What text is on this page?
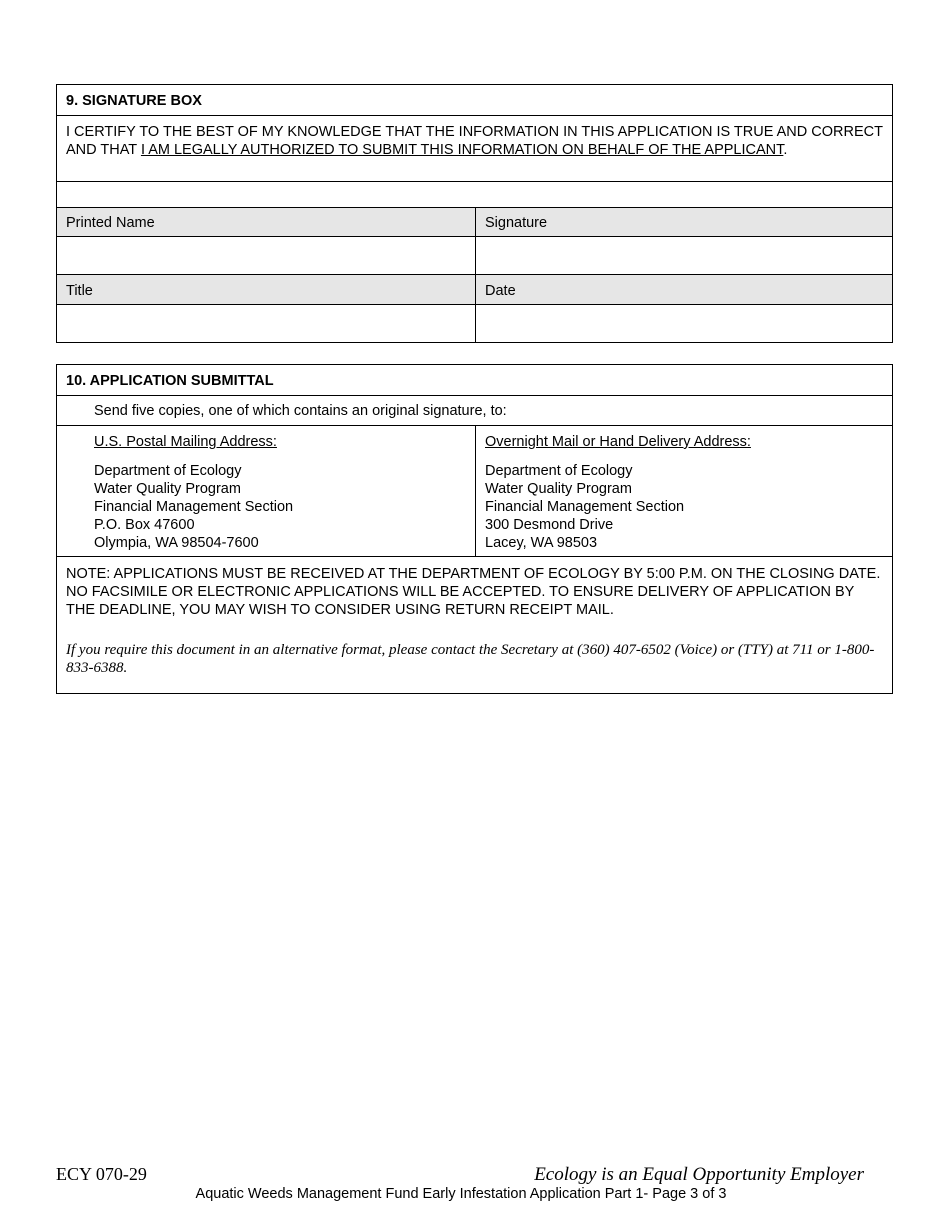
9. SIGNATURE BOX
I CERTIFY TO THE BEST OF MY KNOWLEDGE THAT THE INFORMATION IN THIS APPLICATION IS TRUE AND CORRECT AND THAT I AM LEGALLY AUTHORIZED TO SUBMIT THIS INFORMATION ON BEHALF OF THE APPLICANT.
Printed Name	Signature
Title	Date
10. APPLICATION SUBMITTAL
Send five copies, one of which contains an original signature, to:
U.S. Postal Mailing Address:
Department of Ecology
Water Quality Program
Financial Management Section
P.O. Box 47600
Olympia, WA 98504-7600
Overnight Mail or Hand Delivery Address:
Department of Ecology
Water Quality Program
Financial Management Section
300 Desmond Drive
Lacey, WA 98503
NOTE: APPLICATIONS MUST BE RECEIVED AT THE DEPARTMENT OF ECOLOGY BY 5:00 P.M. ON THE CLOSING DATE. NO FACSIMILE OR ELECTRONIC APPLICATIONS WILL BE ACCEPTED. TO ENSURE DELIVERY OF APPLICATION BY THE DEADLINE, YOU MAY WISH TO CONSIDER USING RETURN RECEIPT MAIL.
If you require this document in an alternative format, please contact the Secretary at (360) 407-6502 (Voice) or (TTY) at 711 or 1-800-833-6388.
ECY 070-29	Ecology is an Equal Opportunity Employer
Aquatic Weeds Management Fund Early Infestation Application Part 1- Page 3 of 3
